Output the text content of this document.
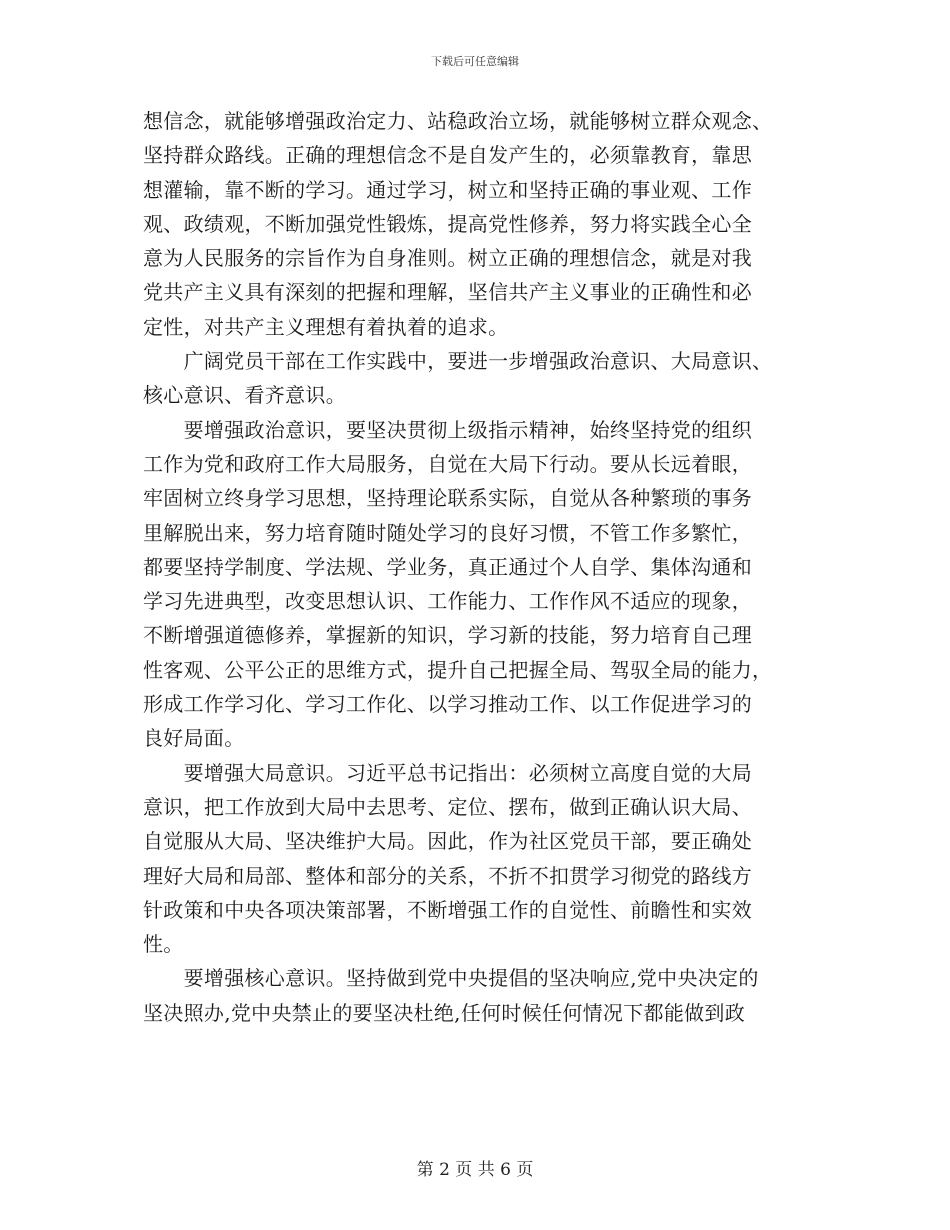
下载后可任意编辑
想信念，就能够增强政治定力、站稳政治立场，就能够树立群众观念、
坚持群众路线。正确的理想信念不是自发产生的，必须靠教育，靠思
想灌输，靠不断的学习。通过学习，树立和坚持正确的事业观、工作
观、政绩观，不断加强党性锻炼，提高党性修养，努力将实践全心全
意为人民服务的宗旨作为自身准则。树立正确的理想信念，就是对我
党共产主义具有深刻的把握和理解，坚信共产主义事业的正确性和必
定性，对共产主义理想有着执着的追求。
　　广阔党员干部在工作实践中，要进一步增强政治意识、大局意识、
核心意识、看齐意识。
　　要增强政治意识，要坚决贯彻上级指示精神，始终坚持党的组织
工作为党和政府工作大局服务，自觉在大局下行动。要从长远着眼，
牢固树立终身学习思想，坚持理论联系实际，自觉从各种繁琐的事务
里解脱出来，努力培育随时随处学习的良好习惯，不管工作多繁忙，
都要坚持学制度、学法规、学业务，真正通过个人自学、集体沟通和
学习先进典型，改变思想认识、工作能力、工作作风不适应的现象，
不断增强道德修养，掌握新的知识，学习新的技能，努力培育自己理
性客观、公平公正的思维方式，提升自己把握全局、驾驭全局的能力，
形成工作学习化、学习工作化、以学习推动工作、以工作促进学习的
良好局面。
　　要增强大局意识。习近平总书记指出：必须树立高度自觉的大局
意识，把工作放到大局中去思考、定位、摆布，做到正确认识大局、
自觉服从大局、坚决维护大局。因此，作为社区党员干部，要正确处
理好大局和局部、整体和部分的关系，不折不扣贯学习彻党的路线方
针政策和中央各项决策部署，不断增强工作的自觉性、前瞻性和实效
性。
　　要增强核心意识。坚持做到党中央提倡的坚决响应,党中央决定的
坚决照办,党中央禁止的要坚决杜绝,任何时候任何情况下都能做到政
第 2 页 共 6 页
